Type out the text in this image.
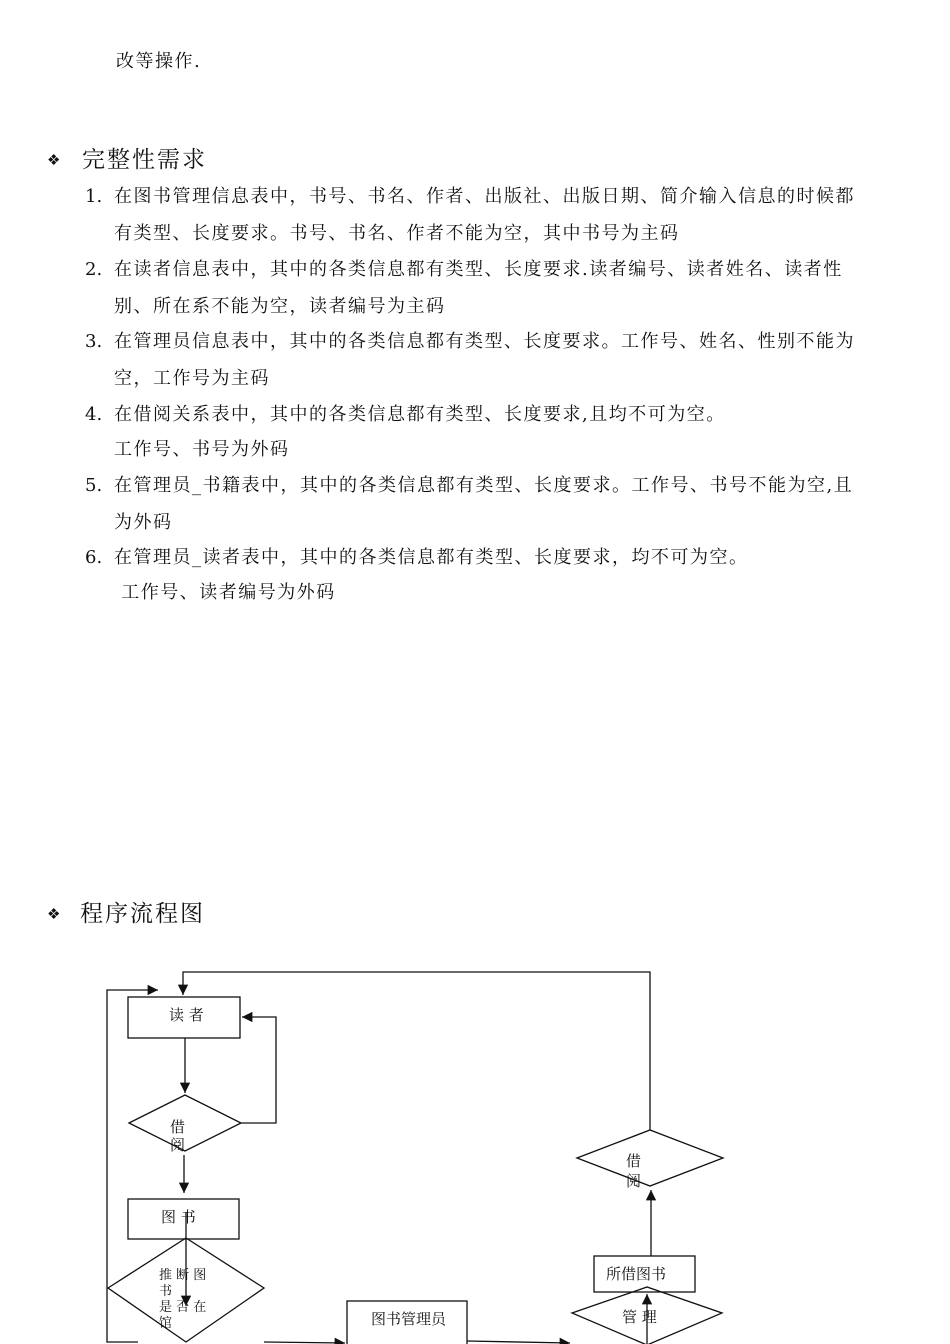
改等操作.
❖ 完整性需求
1. 在图书管理信息表中，书号、书名、作者、出版社、出版日期、简介输入信息的时候都
有类型、长度要求。书号、书名、作者不能为空，其中书号为主码
2. 在读者信息表中，其中的各类信息都有类型、长度要求.读者编号、读者姓名、读者性
别、所在系不能为空，读者编号为主码
3. 在管理员信息表中，其中的各类信息都有类型、长度要求。工作号、姓名、性别不能为
空，工作号为主码
4. 在借阅关系表中，其中的各类信息都有类型、长度要求,且均不可为空。
工作号、书号为外码
5. 在管理员_书籍表中，其中的各类信息都有类型、长度要求。工作号、书号不能为空,且
为外码
6. 在管理员_读者表中，其中的各类信息都有类型、长度要求，均不可为空。
工作号、读者编号为外码
❖ 程序流程图
读 者
借
阅
图 书
图书管理员
所借图书
借
阅
管 理
推 断 图
书
是 否 在
馆
